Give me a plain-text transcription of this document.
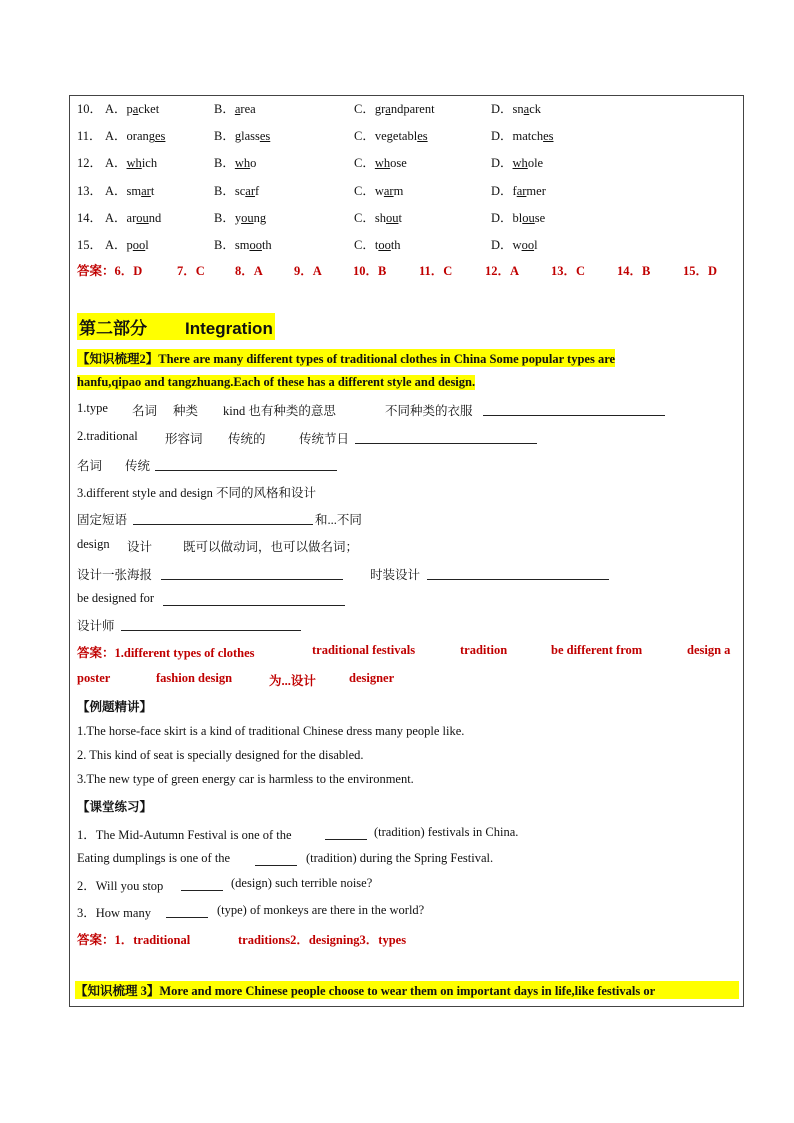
10． A．packet	B．area	C．grandparent	D．snack
11． A．oranges	B．glasses	C．vegetables	D．matches
12． A．which	B．who	C．whose	D．whole
13． A．smart	B．scarf	C．warm	D．farmer
14． A．around	B．young	C．shout	D．blouse
15． A．pool	B．smooth	C．tooth	D．wool
答案：6．D	7．C 8．A 9．A 10．B	11．C	12．A	13．C	14．B	15．D
第二部分 Integration
【知识梳理2】There are many different types of traditional clothes in China Some popular types are
hanfu,qipao and tangzhuang.Each of these has a different style and design.
1.type 名词 种类 kind 也有种类的意思	不同种类的衣服
2.traditional 形容词 传统的	传统节日
名词 传统
3.different style and design 不同的风格和设计
固定短语	和...不同
design 设计 既可以做动词，也可以做名词；
设计一张海报	时装设计
be designed for
设计师
答案：1.different types of clothes	traditional festivals	tradition	be different from	design a
poster	fashion design	为...设计	designer
【例题精讲】
1.The horse-face skirt is a kind of traditional Chinese dress many people like.
2. This kind of seat is specially designed for the disabled.
3.The new type of green energy car is harmless to the environment.
【课堂练习】
1．The Mid-Autumn Festival is one of the	(tradition) festivals in China.
Eating dumplings is one of the	(tradition) during the Spring Festival.
2．Will you stop	(design) such terrible noise?
3．How many	(type) of monkeys are there in the world?
答案：1．traditional	traditions2．designing3．types
【知识梳理 3】More and more Chinese people choose to wear them on important days in life,like festivals or
